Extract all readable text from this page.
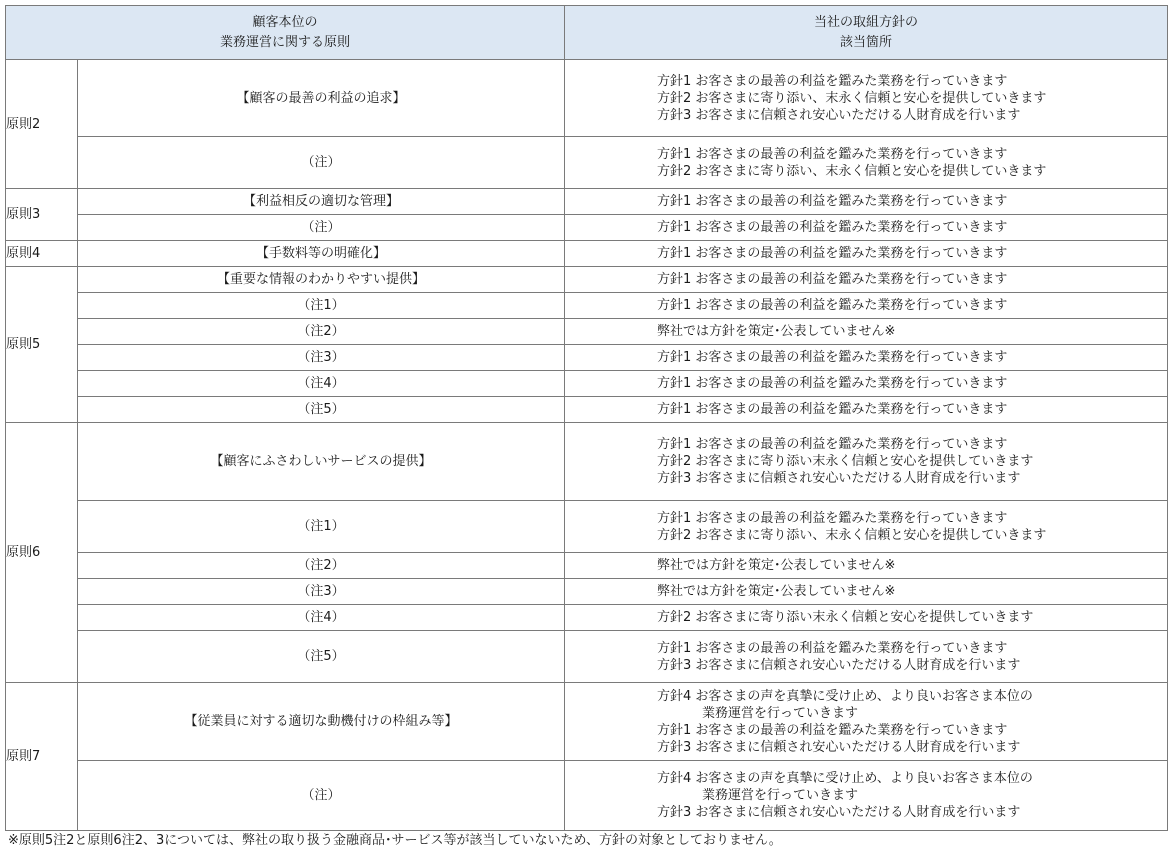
顧客本位の
業務運営に関する原則		当社の取組方針の
該当箇所
原則2	【顧客の最善の利益の追求】	方針1 お客さまの最善の利益を鑑みた業務を行っていきます
方針2 お客さまに寄り添い、末永く信頼と安心を提供していきます
方針3 お客さまに信頼され安心いただける人財育成を行います

	（注）	方針1 お客さまの最善の利益を鑑みた業務を行っていきます
方針2 お客さまに寄り添い、末永く信頼と安心を提供していきます

原則3	【利益相反の適切な管理】	方針1 お客さまの最善の利益を鑑みた業務を行っていきます

	（注）	方針1 お客さまの最善の利益を鑑みた業務を行っていきます

原則4	【手数料等の明確化】	方針1 お客さまの最善の利益を鑑みた業務を行っていきます

原則5	【重要な情報のわかりやすい提供】	方針1 お客さまの最善の利益を鑑みた業務を行っていきます

	（注1）	方針1 お客さまの最善の利益を鑑みた業務を行っていきます

	（注2）	弊社では方針を策定･公表していません※

	（注3）	方針1 お客さまの最善の利益を鑑みた業務を行っていきます

	（注4）	方針1 お客さまの最善の利益を鑑みた業務を行っていきます

	（注5）	方針1 お客さまの最善の利益を鑑みた業務を行っていきます

原則6	【顧客にふさわしいサービスの提供】	方針1 お客さまの最善の利益を鑑みた業務を行っていきます
方針2 お客さまに寄り添い末永く信頼と安心を提供していきます
方針3 お客さまに信頼され安心いただける人財育成を行います

	（注1）	方針1 お客さまの最善の利益を鑑みた業務を行っていきます
方針2 お客さまに寄り添い、末永く信頼と安心を提供していきます

	（注2）	弊社では方針を策定･公表していません※

	（注3）	弊社では方針を策定･公表していません※

	（注4）	方針2 お客さまに寄り添い末永く信頼と安心を提供していきます

	（注5）	方針1 お客さまの最善の利益を鑑みた業務を行っていきます
方針3 お客さまに信頼され安心いただける人財育成を行います

原則7	【従業員に対する適切な動機付けの枠組み等】	方針4 お客さまの声を真摯に受け止め、より良いお客さま本位の
業務運営を行っていきます
方針1 お客さまの最善の利益を鑑みた業務を行っていきます
方針3 お客さまに信頼され安心いただける人財育成を行います

	（注）	方針4 お客さまの声を真摯に受け止め、より良いお客さま本位の
業務運営を行っていきます
方針3 お客さまに信頼され安心いただける人財育成を行います
※原則5注2と原則6注2、3については、弊社の取り扱う金融商品･サービス等が該当していないため、方針の対象としておりません。
